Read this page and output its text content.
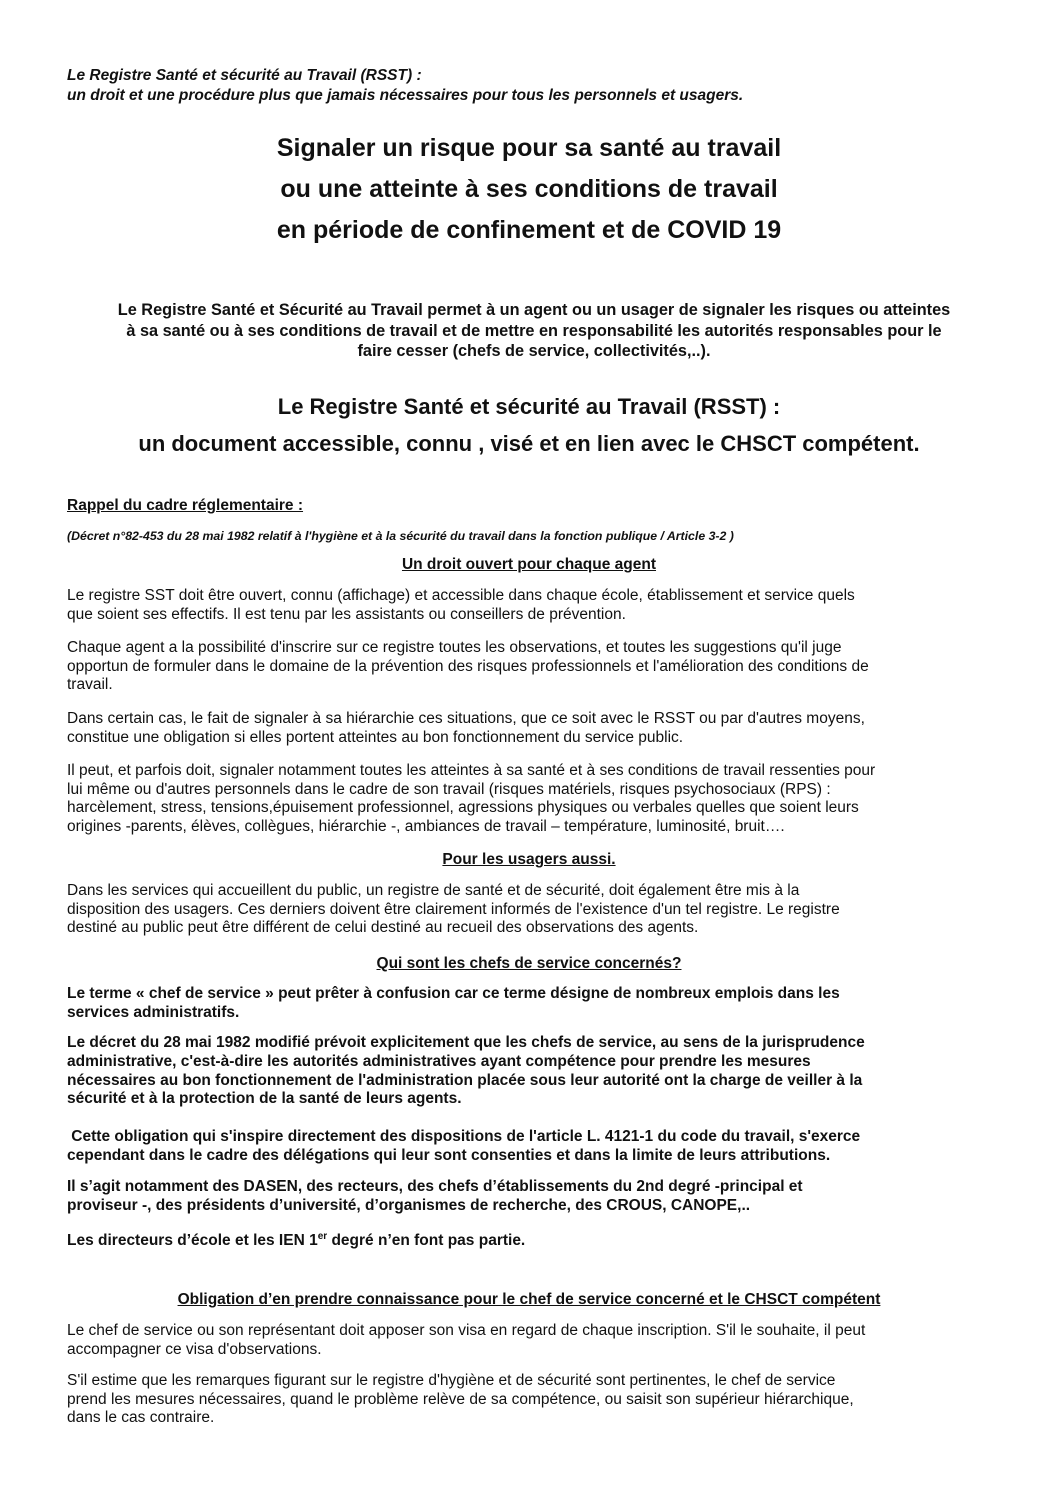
Le Registre Santé et sécurité au Travail (RSST) :
un droit et une procédure plus que jamais nécessaires pour tous les personnels et usagers.
Signaler un risque pour sa santé au travail
ou une atteinte à ses conditions de travail
en période de confinement et de COVID 19
Le Registre Santé et Sécurité au Travail permet à un agent ou un usager de signaler les risques ou atteintes
à sa santé ou à ses conditions de travail et de mettre en responsabilité les autorités responsables pour le
faire cesser (chefs de service, collectivités,..).
Le Registre Santé et sécurité au Travail (RSST) :
un document accessible, connu , visé et en lien avec le CHSCT compétent.
Rappel du cadre réglementaire :
(Décret n°82-453 du 28 mai 1982 relatif à l'hygiène et à la sécurité du travail dans la fonction publique / Article 3-2 )
Un droit ouvert pour chaque agent
Le registre SST doit être ouvert, connu (affichage) et accessible dans chaque école, établissement et service quels
que soient ses effectifs. Il est tenu par les assistants ou conseillers de prévention.
Chaque agent a la possibilité d'inscrire sur ce registre toutes les observations, et toutes les suggestions qu'il juge
opportun de formuler dans le domaine de la prévention des risques professionnels et l'amélioration des conditions de
travail.
Dans certain cas, le fait de signaler à sa hiérarchie ces situations, que ce soit avec le RSST ou par d'autres moyens,
constitue une obligation si elles portent atteintes au bon fonctionnement du service public.
Il peut, et parfois doit, signaler notamment toutes les atteintes à sa santé et à ses conditions de travail ressenties pour
lui même ou d'autres personnels dans le cadre de son travail (risques matériels, risques psychosociaux (RPS) :
harcèlement, stress, tensions,épuisement professionnel, agressions physiques ou verbales quelles que soient leurs
origines -parents, élèves, collègues, hiérarchie -, ambiances de travail – température, luminosité, bruit….
Pour les usagers aussi.
Dans les services qui accueillent du public, un registre de santé et de sécurité, doit également être mis à la
disposition des usagers. Ces derniers doivent être clairement informés de l'existence d'un tel registre. Le registre
destiné au public peut être différent de celui destiné au recueil des observations des agents.
Qui sont les chefs de service concernés?
Le terme « chef de service » peut prêter à confusion car ce terme désigne de nombreux emplois dans les
services administratifs.
Le décret du 28 mai 1982 modifié prévoit explicitement que les chefs de service, au sens de la jurisprudence
administrative, c'est-à-dire les autorités administratives ayant compétence pour prendre les mesures
nécessaires au bon fonctionnement de l'administration placée sous leur autorité ont la charge de veiller à la
sécurité et à la protection de la santé de leurs agents.
Cette obligation qui s'inspire directement des dispositions de l'article L. 4121-1 du code du travail, s'exerce
cependant dans le cadre des délégations qui leur sont consenties et dans la limite de leurs attributions.
Il s’agit notamment des DASEN, des recteurs, des chefs d’établissements du 2nd degré -principal et
proviseur -, des présidents d’université, d’organismes de recherche, des CROUS, CANOPE,..
Les directeurs d’école et les IEN 1er degré n’en font pas partie.
Obligation d’en prendre connaissance pour le chef de service concerné et le CHSCT compétent
Le chef de service ou son représentant doit apposer son visa en regard de chaque inscription. S'il le souhaite, il peut
accompagner ce visa d'observations.
S'il estime que les remarques figurant sur le registre d'hygiène et de sécurité sont pertinentes, le chef de service
prend les mesures nécessaires, quand le problème relève de sa compétence, ou saisit son supérieur hiérarchique,
dans le cas contraire.
